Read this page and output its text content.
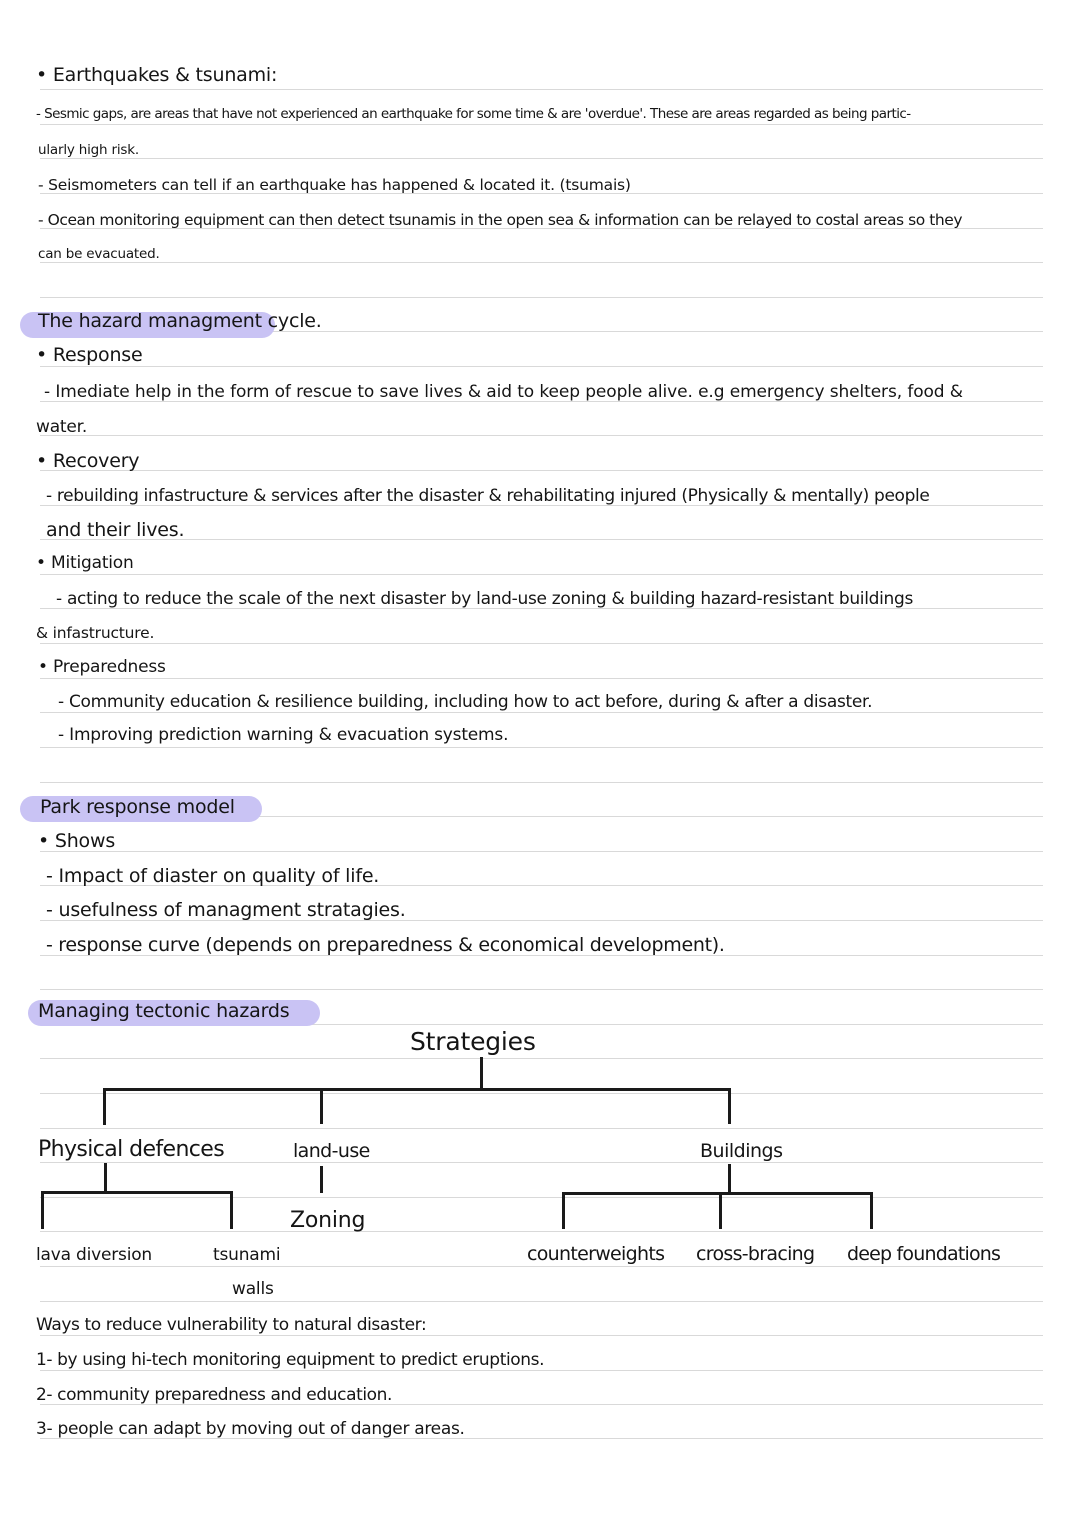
• Earthquakes & tsunami:
- Sesmic gaps, are areas that have not experienced an earthquake for some time & are 'overdue'. These are areas regarded as being partic-
ularly high risk.
- Seismometers can tell if an earthquake has happened & located it. (tsumais)
- Ocean monitoring equipment can then detect tsunamis in the open sea & information can be relayed to costal areas so they
can be evacuated.
The hazard managment cycle.
• Response
- Imediate help in the form of rescue to save lives & aid to keep people alive. e.g emergency shelters, food &
water.
• Recovery
- rebuilding infastructure & services after the disaster & rehabilitating injured (Physically & mentally) people
and their lives.
• Mitigation
- acting to reduce the scale of the next disaster by land-use zoning & building hazard-resistant buildings
& infastructure.
• Preparedness
- Community education & resilience building, including how to act before, during & after a disaster.
- Improving prediction warning & evacuation systems.
Park response model
• Shows
- Impact of diaster on quality of life.
- usefulness of managment stratagies.
- response curve (depends on preparedness & economical development).
Managing tectonic hazards
Strategies
Physical defences
lava diversion	tsunami
walls
land-use
Zoning
Buildings
counterweights cross-bracing deep foundations
Ways to reduce vulnerability to natural disaster:
1- by using hi-tech monitoring equipment to predict eruptions.
2- community preparedness and education.
3- people can adapt by moving out of danger areas.
